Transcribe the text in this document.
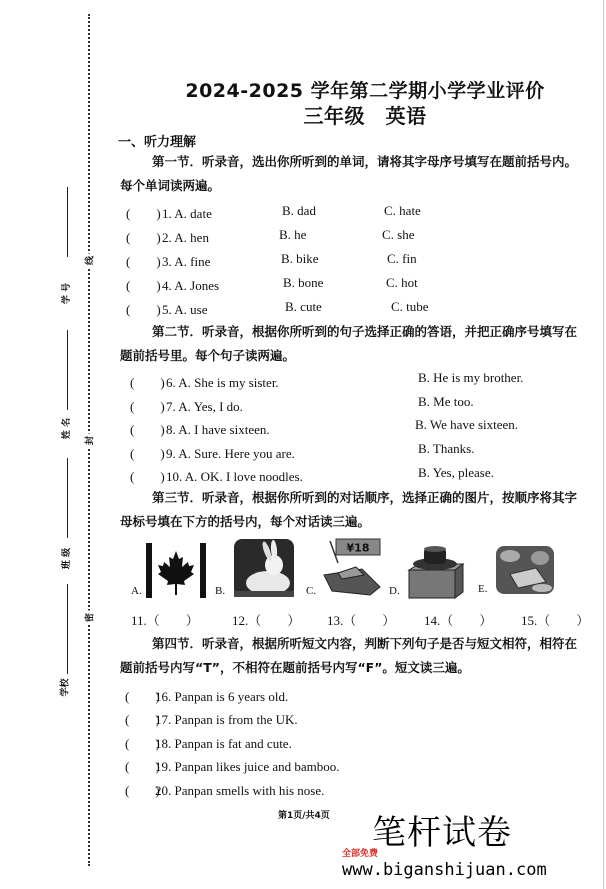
线
封
密
学 号
姓 名
班 级
学校
2024-2025 学年第二学期小学学业评价
三年级　英语
一、听力理解
第一节．听录音，选出你所听到的单词，请将其字母序号填写在题前括号内。
每个单词读两遍。
(　　)1. A. date	B. dad	C. hate
(　　)2. A. hen	B. he	C. she
(　　)3. A. fine	B. bike	C. fin
(　　)4. A. Jones	B. bone	C. hot
(　　)5. A. use	B. cute	C. tube
第二节．听录音，根据你所听到的句子选择正确的答语，并把正确序号填写在
题前括号里。每个句子读两遍。
(　　)6. A. She is my sister.	B. He is my brother.
(　　)7. A. Yes, I do.	B. Me too.
(　　)8. A. I have sixteen.	B. We have sixteen.
(　　)9. A. Sure. Here you are.	B. Thanks.
(　　)10. A. OK. I love noodles.	B. Yes, please.
第三节．听录音，根据你所听到的对话顺序，选择正确的图片，按顺序将其字
母标号填在下方的括号内，每个对话读三遍。
A.	B.	C.
¥18
D.	E.
11.（　　）	12.（　　） 13.（　　） 14.（　　） 15.（　　）
第四节．听录音，根据所听短文内容，判断下列句子是否与短文相符，相符在
题前括号内写“T”，不相符在题前括号内写“F”。短文读三遍。
(　　)16. Panpan is 6 years old.
(　　)17. Panpan is from the UK.
(　　)18. Panpan is fat and cute.
(　　)19. Panpan likes juice and bamboo.
(　　)20. Panpan smells with his nose.
第1页/共4页 笔杆试卷
全部免费
www.biganshijuan.com
